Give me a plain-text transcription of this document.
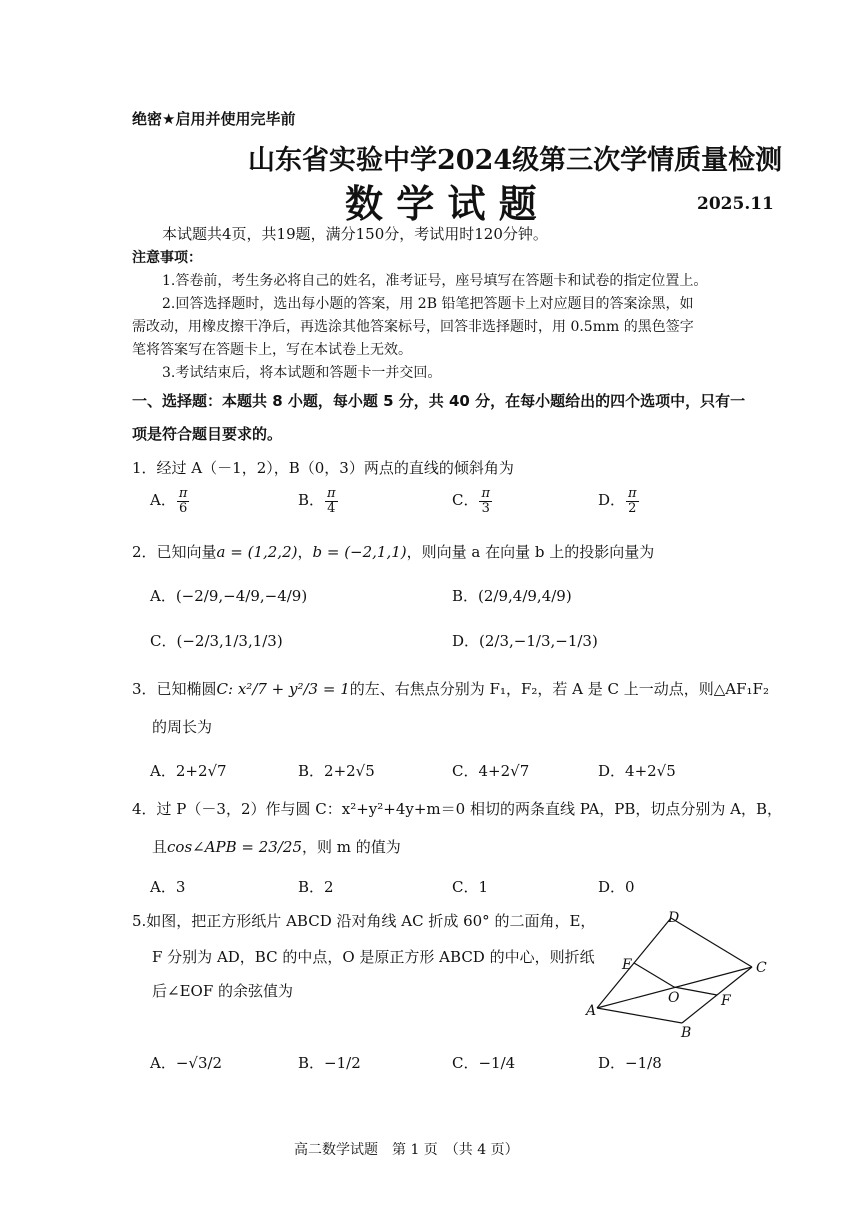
绝密★启用并使用完毕前
山东省实验中学2024级第三次学情质量检测
数 学 试 题	2025.11
本试题共4页，共19题，满分150分，考试用时120分钟。
注意事项：
1.答卷前，考生务必将自己的姓名，准考证号，座号填写在答题卡和试卷的指定位置上。
2.回答选择题时，选出每小题的答案，用 2B 铅笔把答题卡上对应题目的答案涂黑，如
需改动，用橡皮擦干净后，再选涂其他答案标号，回答非选择题时，用 0.5mm 的黑色签字
笔将答案写在答题卡上，写在本试卷上无效。
3.考试结束后，将本试题和答题卡一并交回。
一、选择题：本题共 8 小题，每小题 5 分，共 40 分，在每小题给出的四个选项中，只有一
项是符合题目要求的。
1．经过 A（－1，2），B（0，3）两点的直线的倾斜角为
A． $\frac{\pi}{6}$	B． $\frac{\pi}{4}$	C． $\frac{\pi}{3}$	D． $\frac{\pi}{2}$
2．已知向量a = (1,2,2)，b = (−2,1,1)，则向量 a 在向量 b 上的投影向量为
A．(−2/9,−4/9,−4/9)	B．(2/9,4/9,4/9)
C．(−2/3,1/3,1/3)	D．(2/3,−1/3,−1/3)
3．已知椭圆C: x²/7 + y²/3 = 1的左、右焦点分别为 F₁，F₂，若 A 是 C 上一动点，则△AF₁F₂
的周长为
A．2+2√7	B．2+2√5	C．4+2√7	D．4+2√5
4．过 P（－3，2）作与圆 C：x²+y²+4y+m＝0 相切的两条直线 PA，PB，切点分别为 A，B，
且cos∠APB = 23/25，则 m 的值为
A．3	B．2	C．1	D．0
5.如图，把正方形纸片 ABCD 沿对角线 AC 折成 60° 的二面角，E，
F 分别为 AD，BC 的中点，O 是原正方形 ABCD 的中心，则折纸
后∠EOF 的余弦值为
D
E	C
O	F
A
B
A．−√3/2	B．−1/2	C．−1/4	D．−1/8
高二数学试题　第 1 页　（共 4 页）
